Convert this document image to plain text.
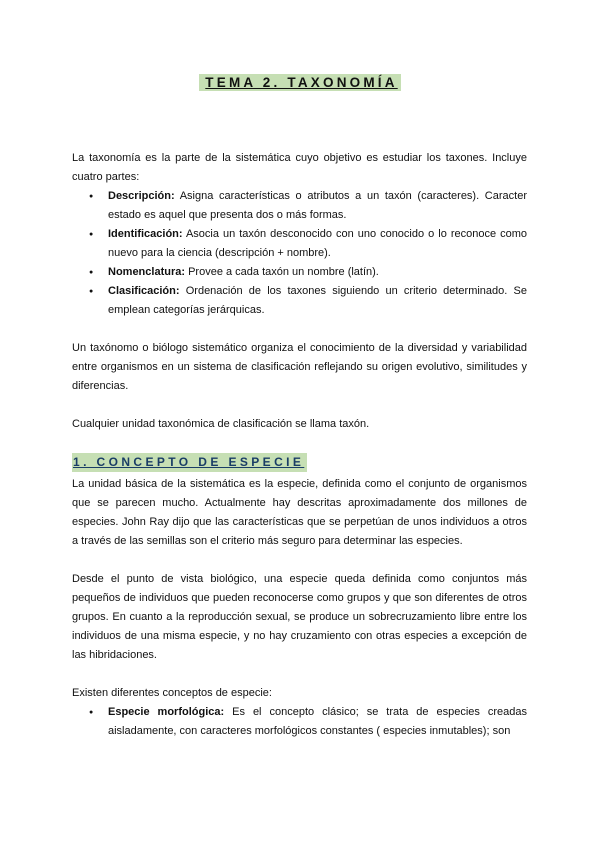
TEMA 2. TAXONOMÍA

La taxonomía es la parte de la sistemática cuyo objetivo es estudiar los taxones. Incluye cuatro partes:

● Descripción: Asigna características o atributos a un taxón (caracteres). Caracter estado es aquel que presenta dos o más formas.
● Identificación: Asocia un taxón desconocido con uno conocido o lo reconoce como nuevo para la ciencia (descripción + nombre).
● Nomenclatura: Provee a cada taxón un nombre (latín).
● Clasificación: Ordenación de los taxones siguiendo un criterio determinado. Se emplean categorías jerárquicas.

Un taxónomo o biólogo sistemático organiza el conocimiento de la diversidad y variabilidad entre organismos en un sistema de clasificación reflejando su origen evolutivo, similitudes y diferencias.

Cualquier unidad taxonómica de clasificación se llama taxón.

1. CONCEPTO DE ESPECIE

La unidad básica de la sistemática es la especie, definida como el conjunto de organismos que se parecen mucho. Actualmente hay descritas aproximadamente dos millones de especies. John Ray dijo que las características que se perpetúan de unos individuos a otros a través de las semillas son el criterio más seguro para determinar las especies.

Desde el punto de vista biológico, una especie queda definida como conjuntos más pequeños de individuos que pueden reconocerse como grupos y que son diferentes de otros grupos. En cuanto a la reproducción sexual, se produce un sobrecruzamiento libre entre los individuos de una misma especie, y no hay cruzamiento con otras especies a excepción de las hibridaciones.

Existen diferentes conceptos de especie:

● Especie morfológica: Es el concepto clásico; se trata de especies creadas aisladamente, con caracteres morfológicos constantes ( especies inmutables); son
